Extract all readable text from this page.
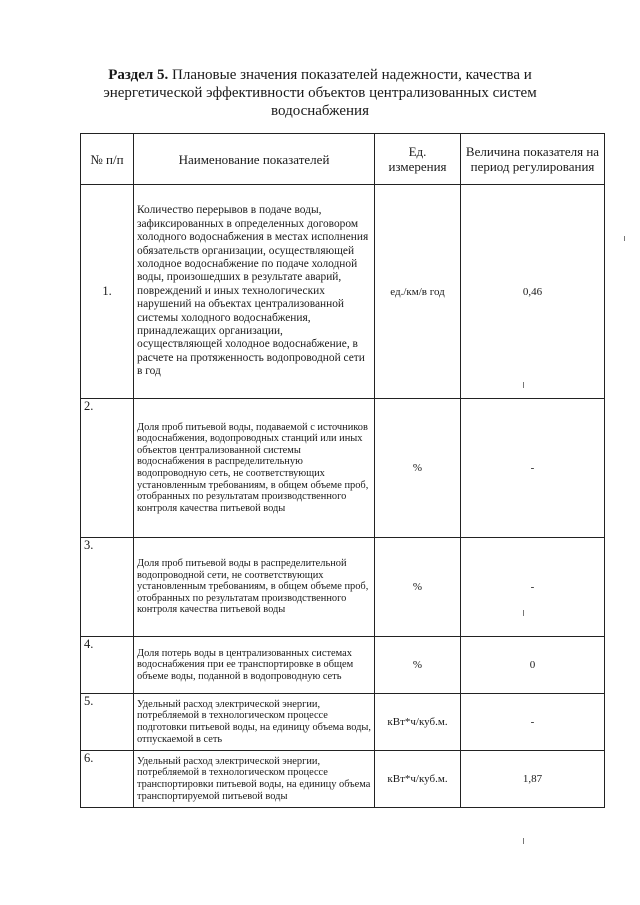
Раздел 5. Плановые значения показателей надежности, качества и энергетической эффективности объектов централизованных систем водоснабжения
№ п/п	Наименование показателей	Ед. измерения	Величина показателя на период регулирования
1.	Количество перерывов в подаче воды, зафиксированных в определенных договором холодного водоснабжения в местах исполнения обязательств организации, осуществляющей холодное водоснабжение по подаче холодной воды, произошедших в результате аварий, повреждений и иных технологических нарушений на объектах централизованной системы холодного водоснабжения, принадлежащих организации, осуществляющей холодное водоснабжение, в расчете на протяженность водопроводной сети в год	ед./км/в год	0,46
2.	Доля проб питьевой воды, подаваемой с источников водоснабжения, водопроводных станций или иных объектов централизованной системы водоснабжения в распределительную водопроводную сеть, не соответствующих установленным требованиям, в общем объеме проб, отобранных по результатам производственного контроля качества питьевой воды	%	-
3.	Доля проб питьевой воды в распределительной водопроводной сети, не соответствующих установленным требованиям, в общем объеме проб, отобранных по результатам производственного контроля качества питьевой воды	%	-
4.	Доля потерь воды в централизованных системах водоснабжения при ее транспортировке в общем объеме воды, поданной в водопроводную сеть	%	0
5.	Удельный расход электрической энергии, потребляемой в технологическом процессе подготовки питьевой воды, на единицу объема воды, отпускаемой в сеть	кВт*ч/куб.м.	-
6.	Удельный расход электрической энергии, потребляемой в технологическом процессе транспортировки питьевой воды, на единицу объема транспортируемой питьевой воды	кВт*ч/куб.м.	1,87
